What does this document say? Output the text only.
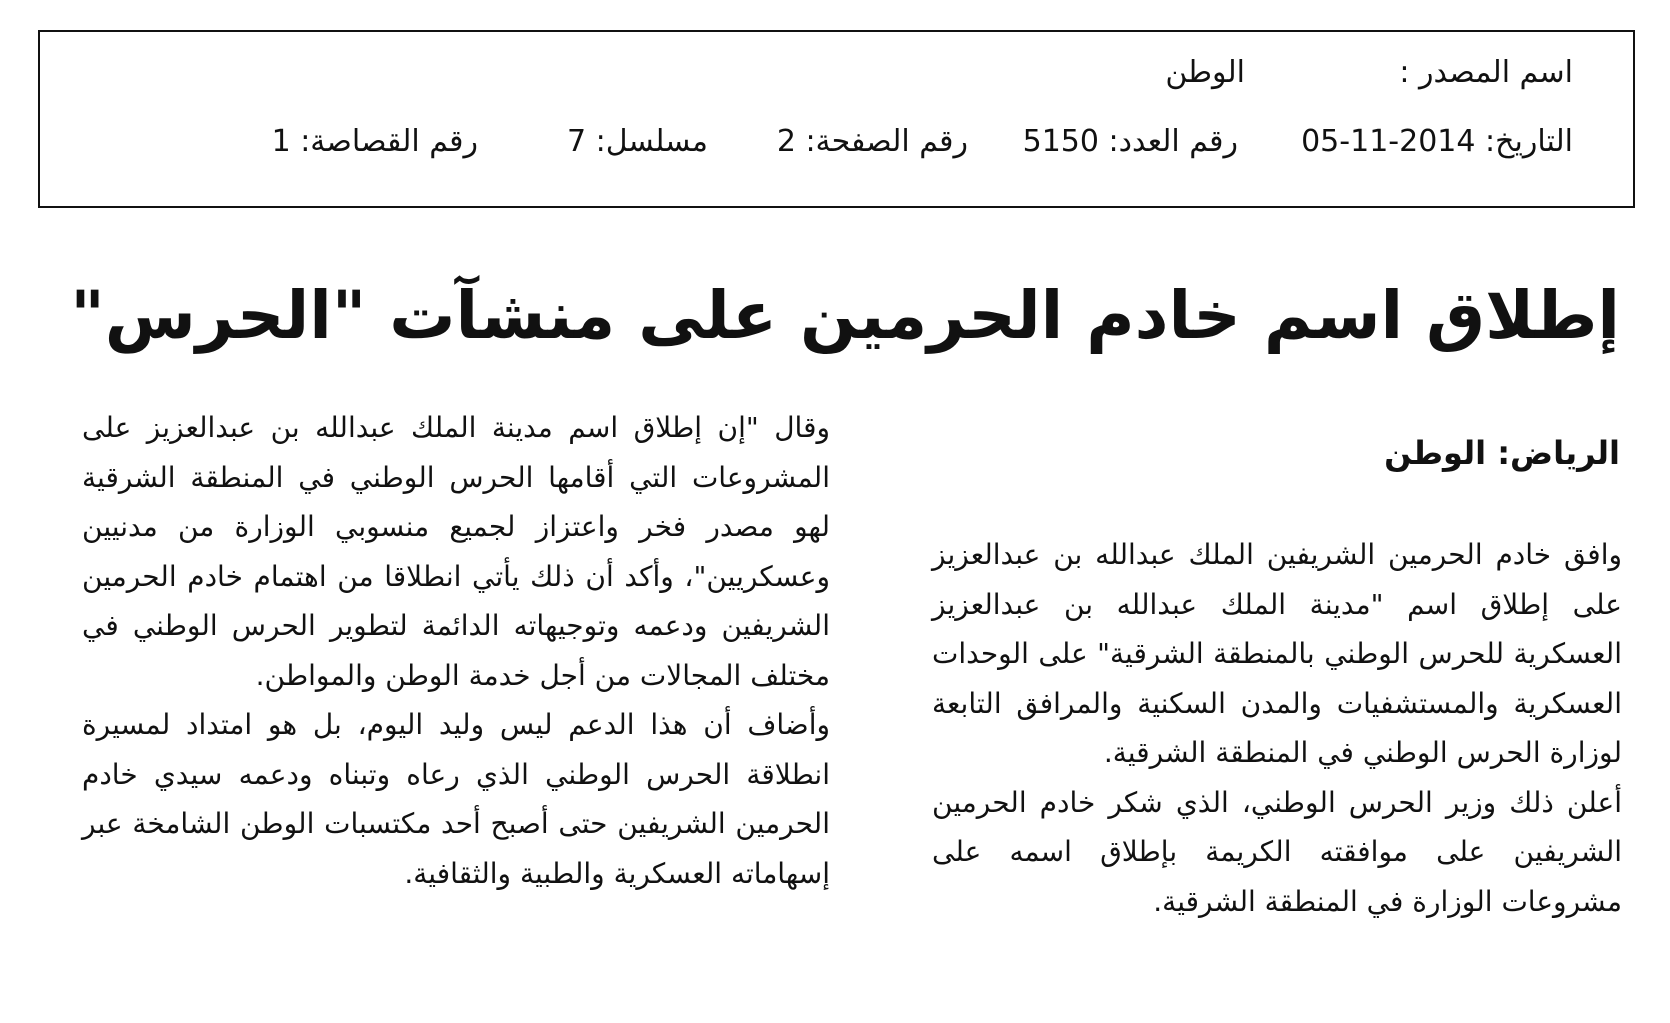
اسم المصدر :
الوطن
التاريخ: 2014-11-05
رقم العدد: 5150
رقم الصفحة: 2
مسلسل: 7
رقم القصاصة: 1
إطلاق اسم خادم الحرمين على منشآت "الحرس"
الرياض: الوطن

وافق خادم الحرمين الشريفين الملك عبدالله بن عبدالعزيز على إطلاق اسم "مدينة الملك عبدالله بن عبدالعزيز العسكرية للحرس الوطني بالمنطقة الشرقية" على الوحدات العسكرية والمستشفيات والمدن السكنية والمرافق التابعة لوزارة الحرس الوطني في المنطقة الشرقية.

أعلن ذلك وزير الحرس الوطني، الذي شكر خادم الحرمين الشريفين على موافقته الكريمة بإطلاق اسمه على مشروعات الوزارة في المنطقة الشرقية.

وقال "إن إطلاق اسم مدينة الملك عبدالله بن عبدالعزيز على المشروعات التي أقامها الحرس الوطني في المنطقة الشرقية لهو مصدر فخر واعتزاز لجميع منسوبي الوزارة من مدنيين وعسكريين"، وأكد أن ذلك يأتي انطلاقا من اهتمام خادم الحرمين الشريفين ودعمه وتوجيهاته الدائمة لتطوير الحرس الوطني في مختلف المجالات من أجل خدمة الوطن والمواطن.

وأضاف أن هذا الدعم ليس وليد اليوم، بل هو امتداد لمسيرة انطلاقة الحرس الوطني الذي رعاه وتبناه ودعمه سيدي خادم الحرمين الشريفين حتى أصبح أحد مكتسبات الوطن الشامخة عبر إسهاماته العسكرية والطبية والثقافية.
